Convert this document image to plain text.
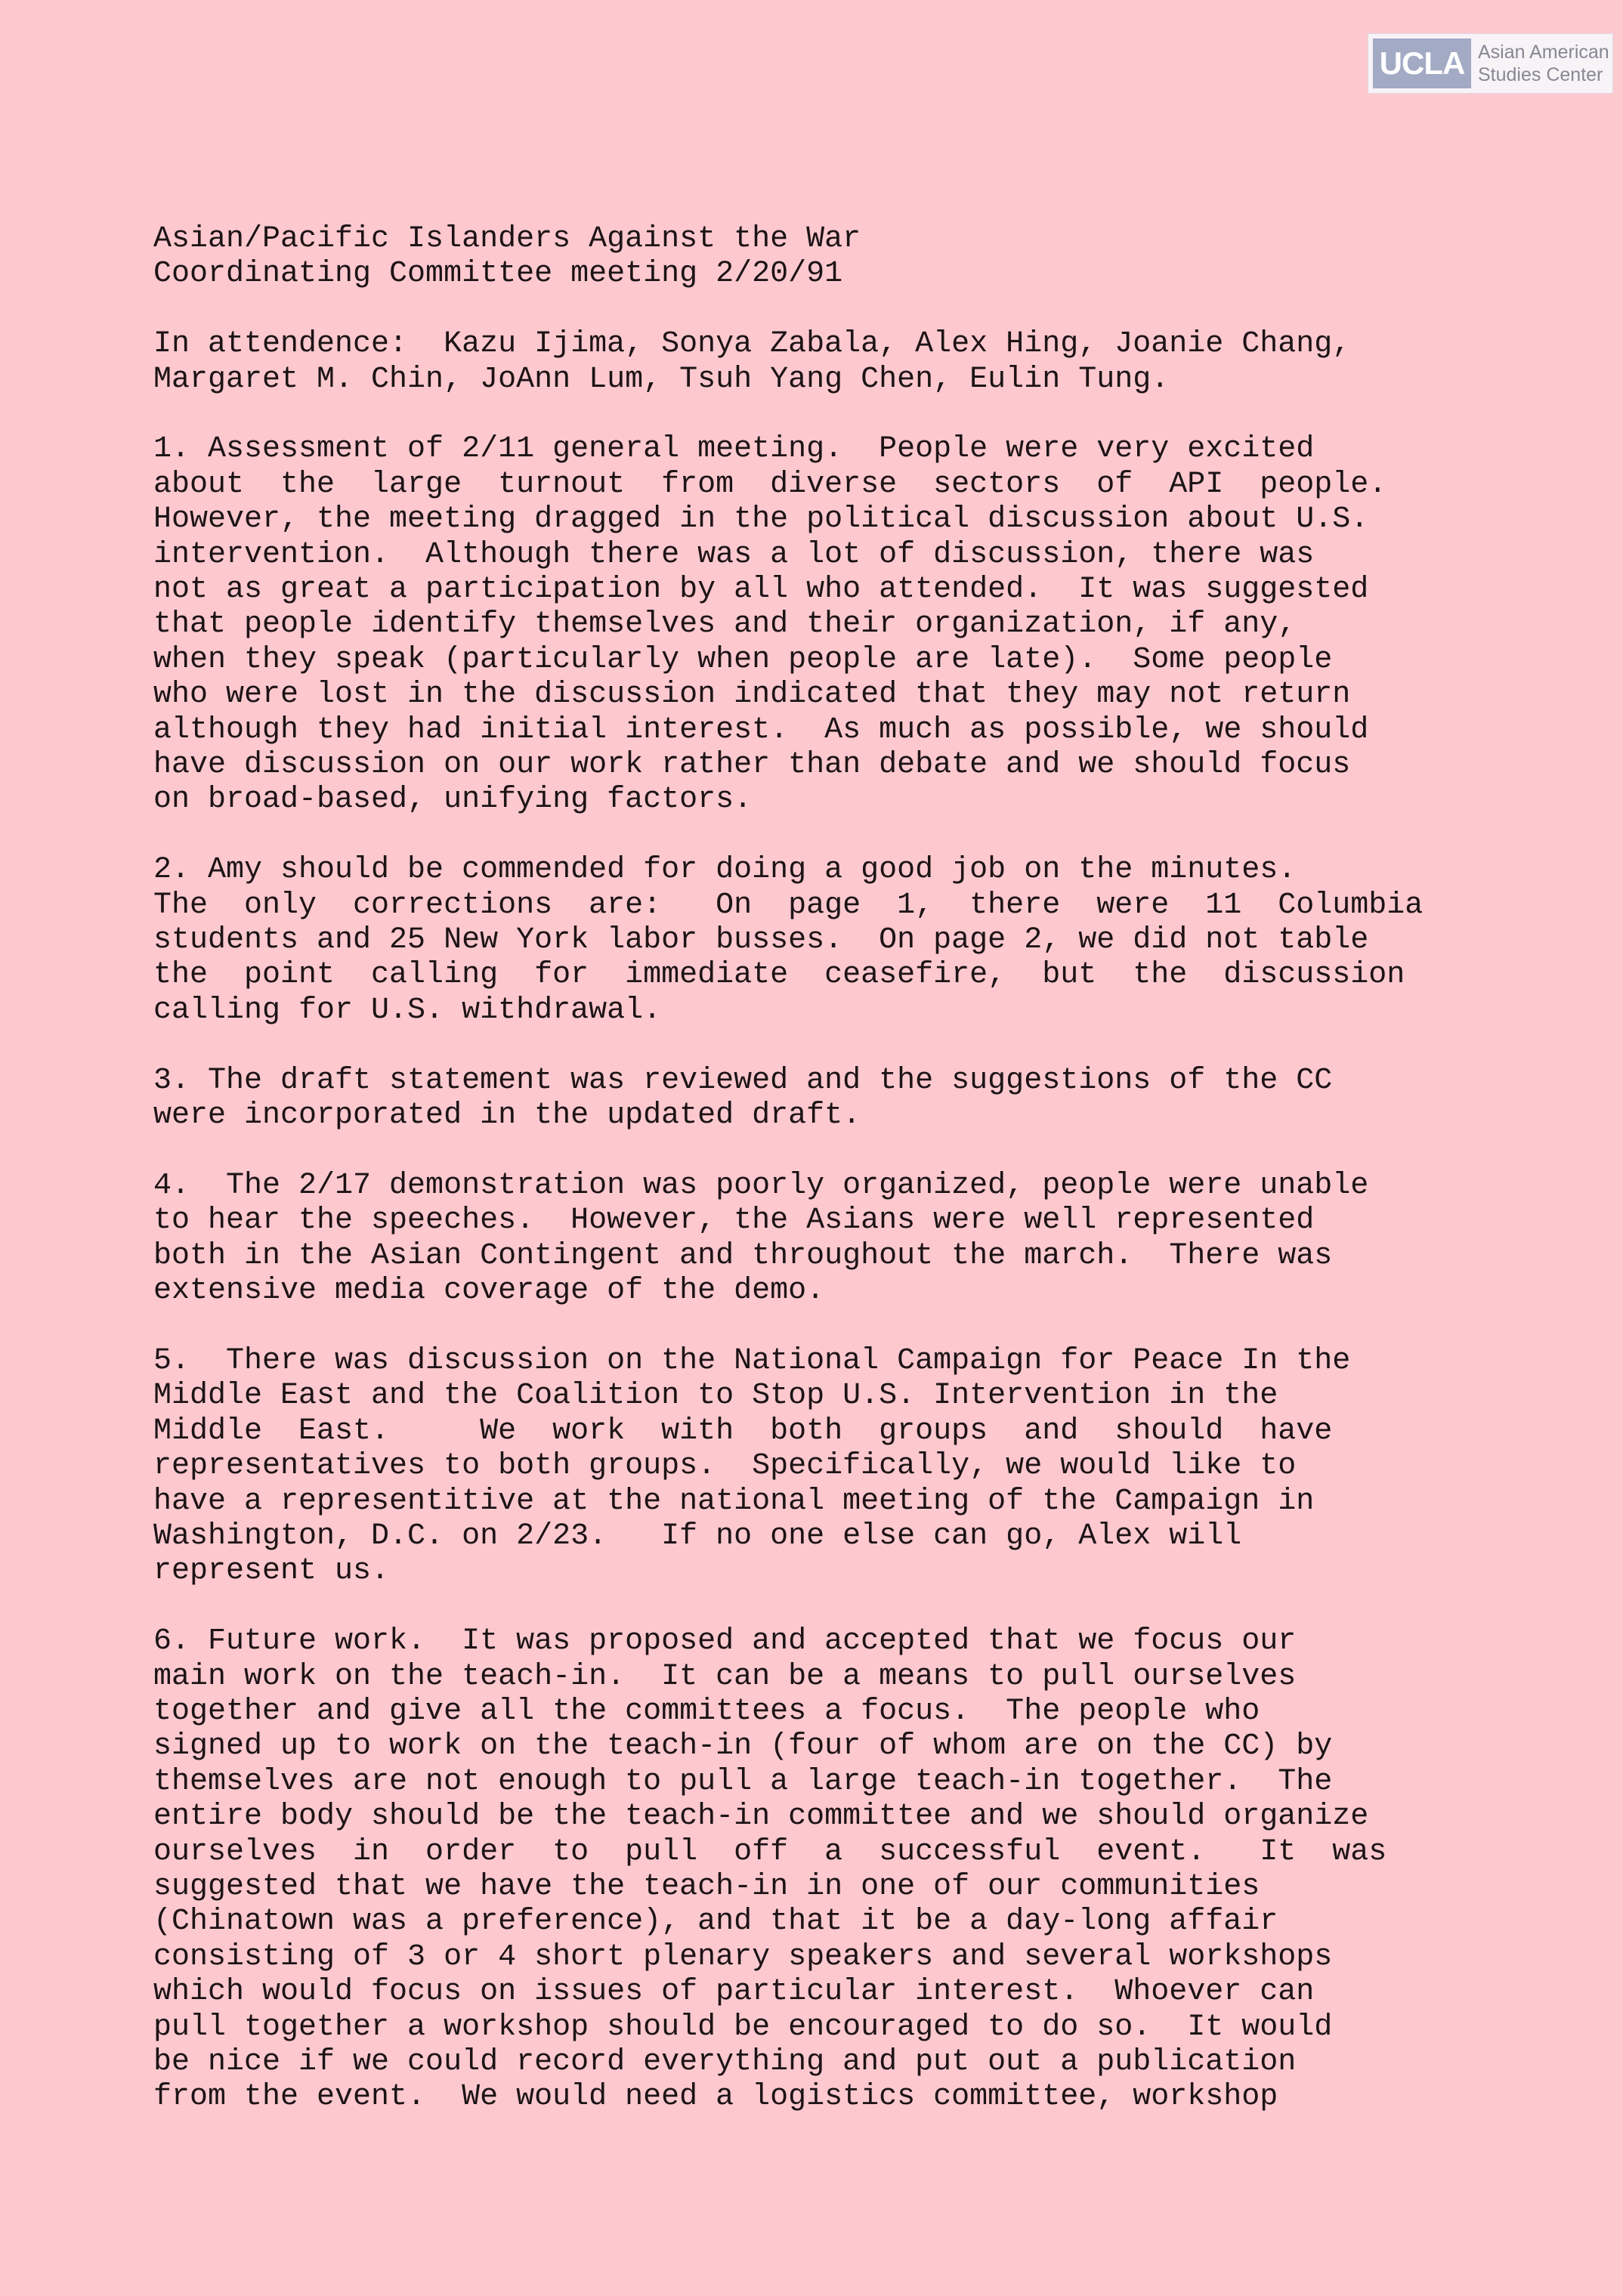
UCLA Asian American
Studies Center

Asian/Pacific Islanders Against the War
Coordinating Committee meeting 2/20/91

In attendence:  Kazu Ijima, Sonya Zabala, Alex Hing, Joanie Chang,
Margaret M. Chin, JoAnn Lum, Tsuh Yang Chen, Eulin Tung.

1. Assessment of 2/11 general meeting.  People were very excited
about  the  large  turnout  from  diverse  sectors  of  API  people.
However, the meeting dragged in the political discussion about U.S.
intervention.  Although there was a lot of discussion, there was
not as great a participation by all who attended.  It was suggested
that people identify themselves and their organization, if any,
when they speak (particularly when people are late).  Some people
who were lost in the discussion indicated that they may not return
although they had initial interest.  As much as possible, we should
have discussion on our work rather than debate and we should focus
on broad-based, unifying factors.

2. Amy should be commended for doing a good job on the minutes.
The  only  corrections  are:   On  page  1,  there  were  11  Columbia
students and 25 New York labor busses.  On page 2, we did not table
the  point  calling  for  immediate  ceasefire,  but  the  discussion
calling for U.S. withdrawal.

3. The draft statement was reviewed and the suggestions of the CC
were incorporated in the updated draft.

4.  The 2/17 demonstration was poorly organized, people were unable
to hear the speeches.  However, the Asians were well represented
both in the Asian Contingent and throughout the march.  There was
extensive media coverage of the demo.

5.  There was discussion on the National Campaign for Peace In the
Middle East and the Coalition to Stop U.S. Intervention in the
Middle  East.     We  work  with  both  groups  and  should  have
representatives to both groups.  Specifically, we would like to
have a representitive at the national meeting of the Campaign in
Washington, D.C. on 2/23.   If no one else can go, Alex will
represent us.

6. Future work.  It was proposed and accepted that we focus our
main work on the teach-in.  It can be a means to pull ourselves
together and give all the committees a focus.  The people who
signed up to work on the teach-in (four of whom are on the CC) by
themselves are not enough to pull a large teach-in together.  The
entire body should be the teach-in committee and we should organize
ourselves  in  order  to  pull  off  a  successful  event.   It  was
suggested that we have the teach-in in one of our communities
(Chinatown was a preference), and that it be a day-long affair
consisting of 3 or 4 short plenary speakers and several workshops
which would focus on issues of particular interest.  Whoever can
pull together a workshop should be encouraged to do so.  It would
be nice if we could record everything and put out a publication
from the event.  We would need a logistics committee, workshop
